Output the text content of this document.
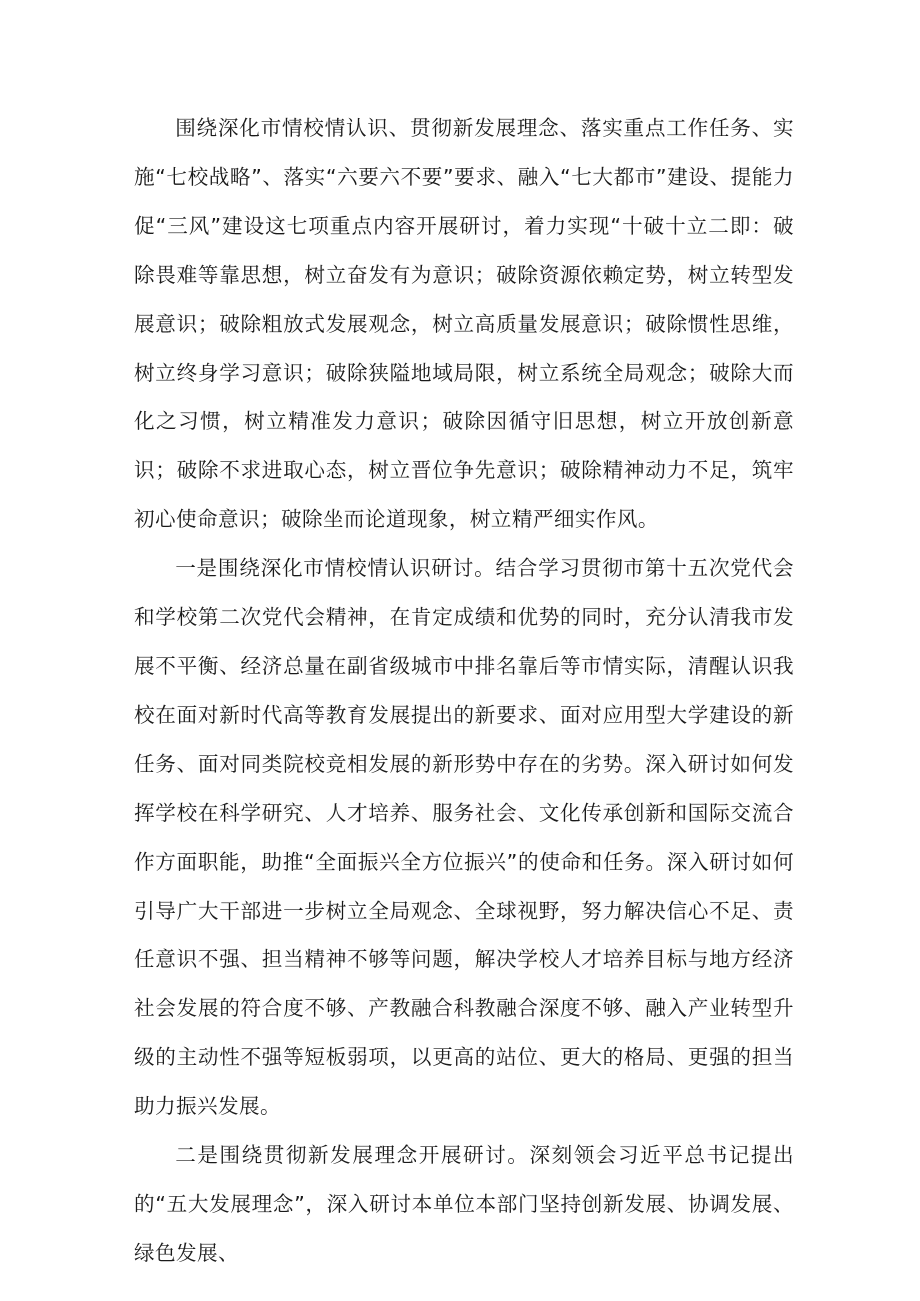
围绕深化市情校情认识、贯彻新发展理念、落实重点工作任务、实施“七校战略”、落实“六要六不要”要求、融入“七大都市”建设、提能力促“三风”建设这七项重点内容开展研讨，着力实现“十破十立二即：破除畏难等靠思想，树立奋发有为意识；破除资源依赖定势，树立转型发展意识；破除粗放式发展观念，树立高质量发展意识；破除惯性思维，树立终身学习意识；破除狭隘地域局限，树立系统全局观念；破除大而化之习惯，树立精准发力意识；破除因循守旧思想，树立开放创新意识；破除不求进取心态，树立晋位争先意识；破除精神动力不足，筑牢初心使命意识；破除坐而论道现象，树立精严细实作风。

一是围绕深化市情校情认识研讨。结合学习贯彻市第十五次党代会和学校第二次党代会精神，在肯定成绩和优势的同时，充分认清我市发展不平衡、经济总量在副省级城市中排名靠后等市情实际，清醒认识我校在面对新时代高等教育发展提出的新要求、面对应用型大学建设的新任务、面对同类院校竞相发展的新形势中存在的劣势。深入研讨如何发挥学校在科学研究、人才培养、服务社会、文化传承创新和国际交流合作方面职能，助推“全面振兴全方位振兴”的使命和任务。深入研讨如何引导广大干部进一步树立全局观念、全球视野，努力解决信心不足、责任意识不强、担当精神不够等问题，解决学校人才培养目标与地方经济社会发展的符合度不够、产教融合科教融合深度不够、融入产业转型升级的主动性不强等短板弱项，以更高的站位、更大的格局、更强的担当助力振兴发展。

二是围绕贯彻新发展理念开展研讨。深刻领会习近平总书记提出的“五大发展理念”，深入研讨本单位本部门坚持创新发展、协调发展、绿色发展、
